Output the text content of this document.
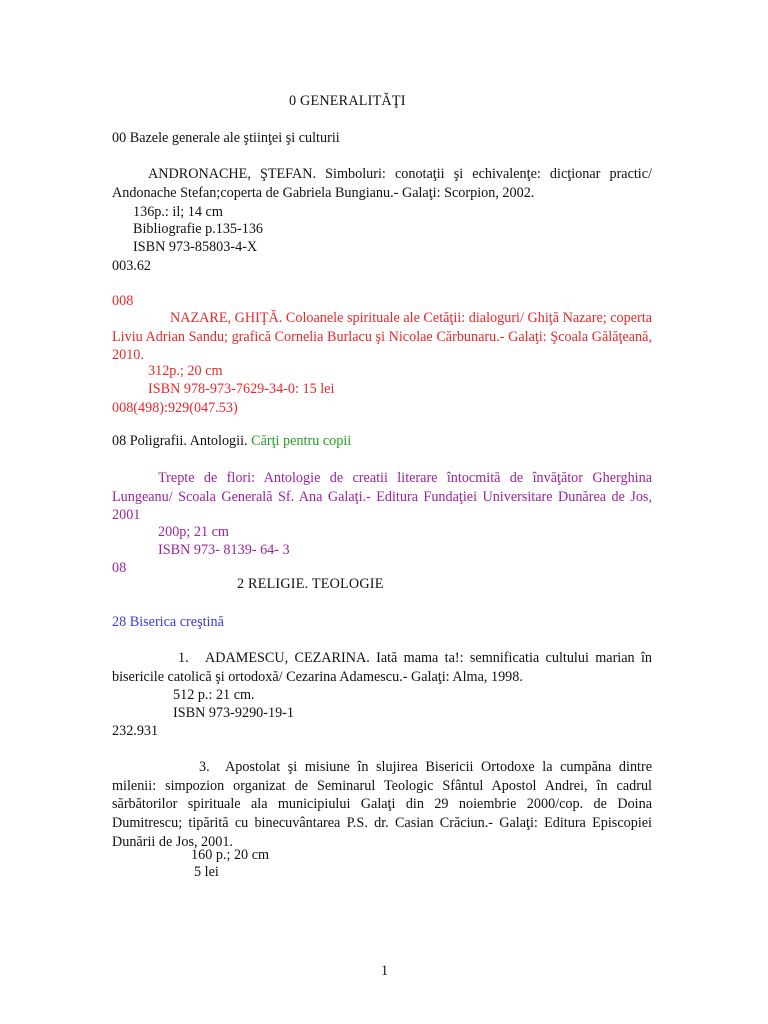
0 GENERALITĂŢI
00 Bazele generale ale ştiinţei şi culturii
ANDRONACHE, ŞTEFAN. Simboluri: conotaţii şi echivalenţe: dicţionar practic/ Andonache Stefan;coperta de Gabriela Bungianu.- Galaţi: Scorpion, 2002.
136p.: il; 14 cm
Bibliografie p.135-136
ISBN 973-85803-4-X
003.62
008
NAZARE, GHIŢĂ. Coloanele spirituale ale Cetăţii: dialoguri/ Ghiţă Nazare; coperta Liviu Adrian Sandu; grafică Cornelia Burlacu şi Nicolae Cărbunaru.- Galaţi: Şcoala Gălăţeană, 2010.
312p.; 20 cm
ISBN 978-973-7629-34-0: 15 lei
008(498):929(047.53)
08 Poligrafii. Antologii. Cărţi pentru copii
Trepte de flori: Antologie de creatii literare întocmită de învăţător Gherghina Lungeanu/ Scoala Generală Sf. Ana Galaţi.- Editura Fundaţiei Universitare Dunărea de Jos, 2001
200p; 21 cm
ISBN 973- 8139- 64- 3
08
2 RELIGIE. TEOLOGIE
28 Biserica creştină
1.	ADAMESCU, CEZARINA. Iată mama ta!: semnificatia cultului marian în bisericile catolică şi ortodoxă/ Cezarina Adamescu.- Galaţi: Alma, 1998.
512 p.: 21 cm.
ISBN 973-9290-19-1
232.931
3.	Apostolat şi misiune în slujirea Bisericii Ortodoxe la cumpăna dintre milenii: simpozion organizat de Seminarul Teologic Sfântul Apostol Andrei, în cadrul sărbătorilor spirituale ala municipiului Galaţi din 29 noiembrie 2000/cop. de Doina Dumitrescu; tipărită cu binecuvântarea P.S. dr. Casian Crăciun.- Galaţi: Editura Episcopiei Dunării de Jos, 2001.
160 p.; 20 cm
5 lei
1
